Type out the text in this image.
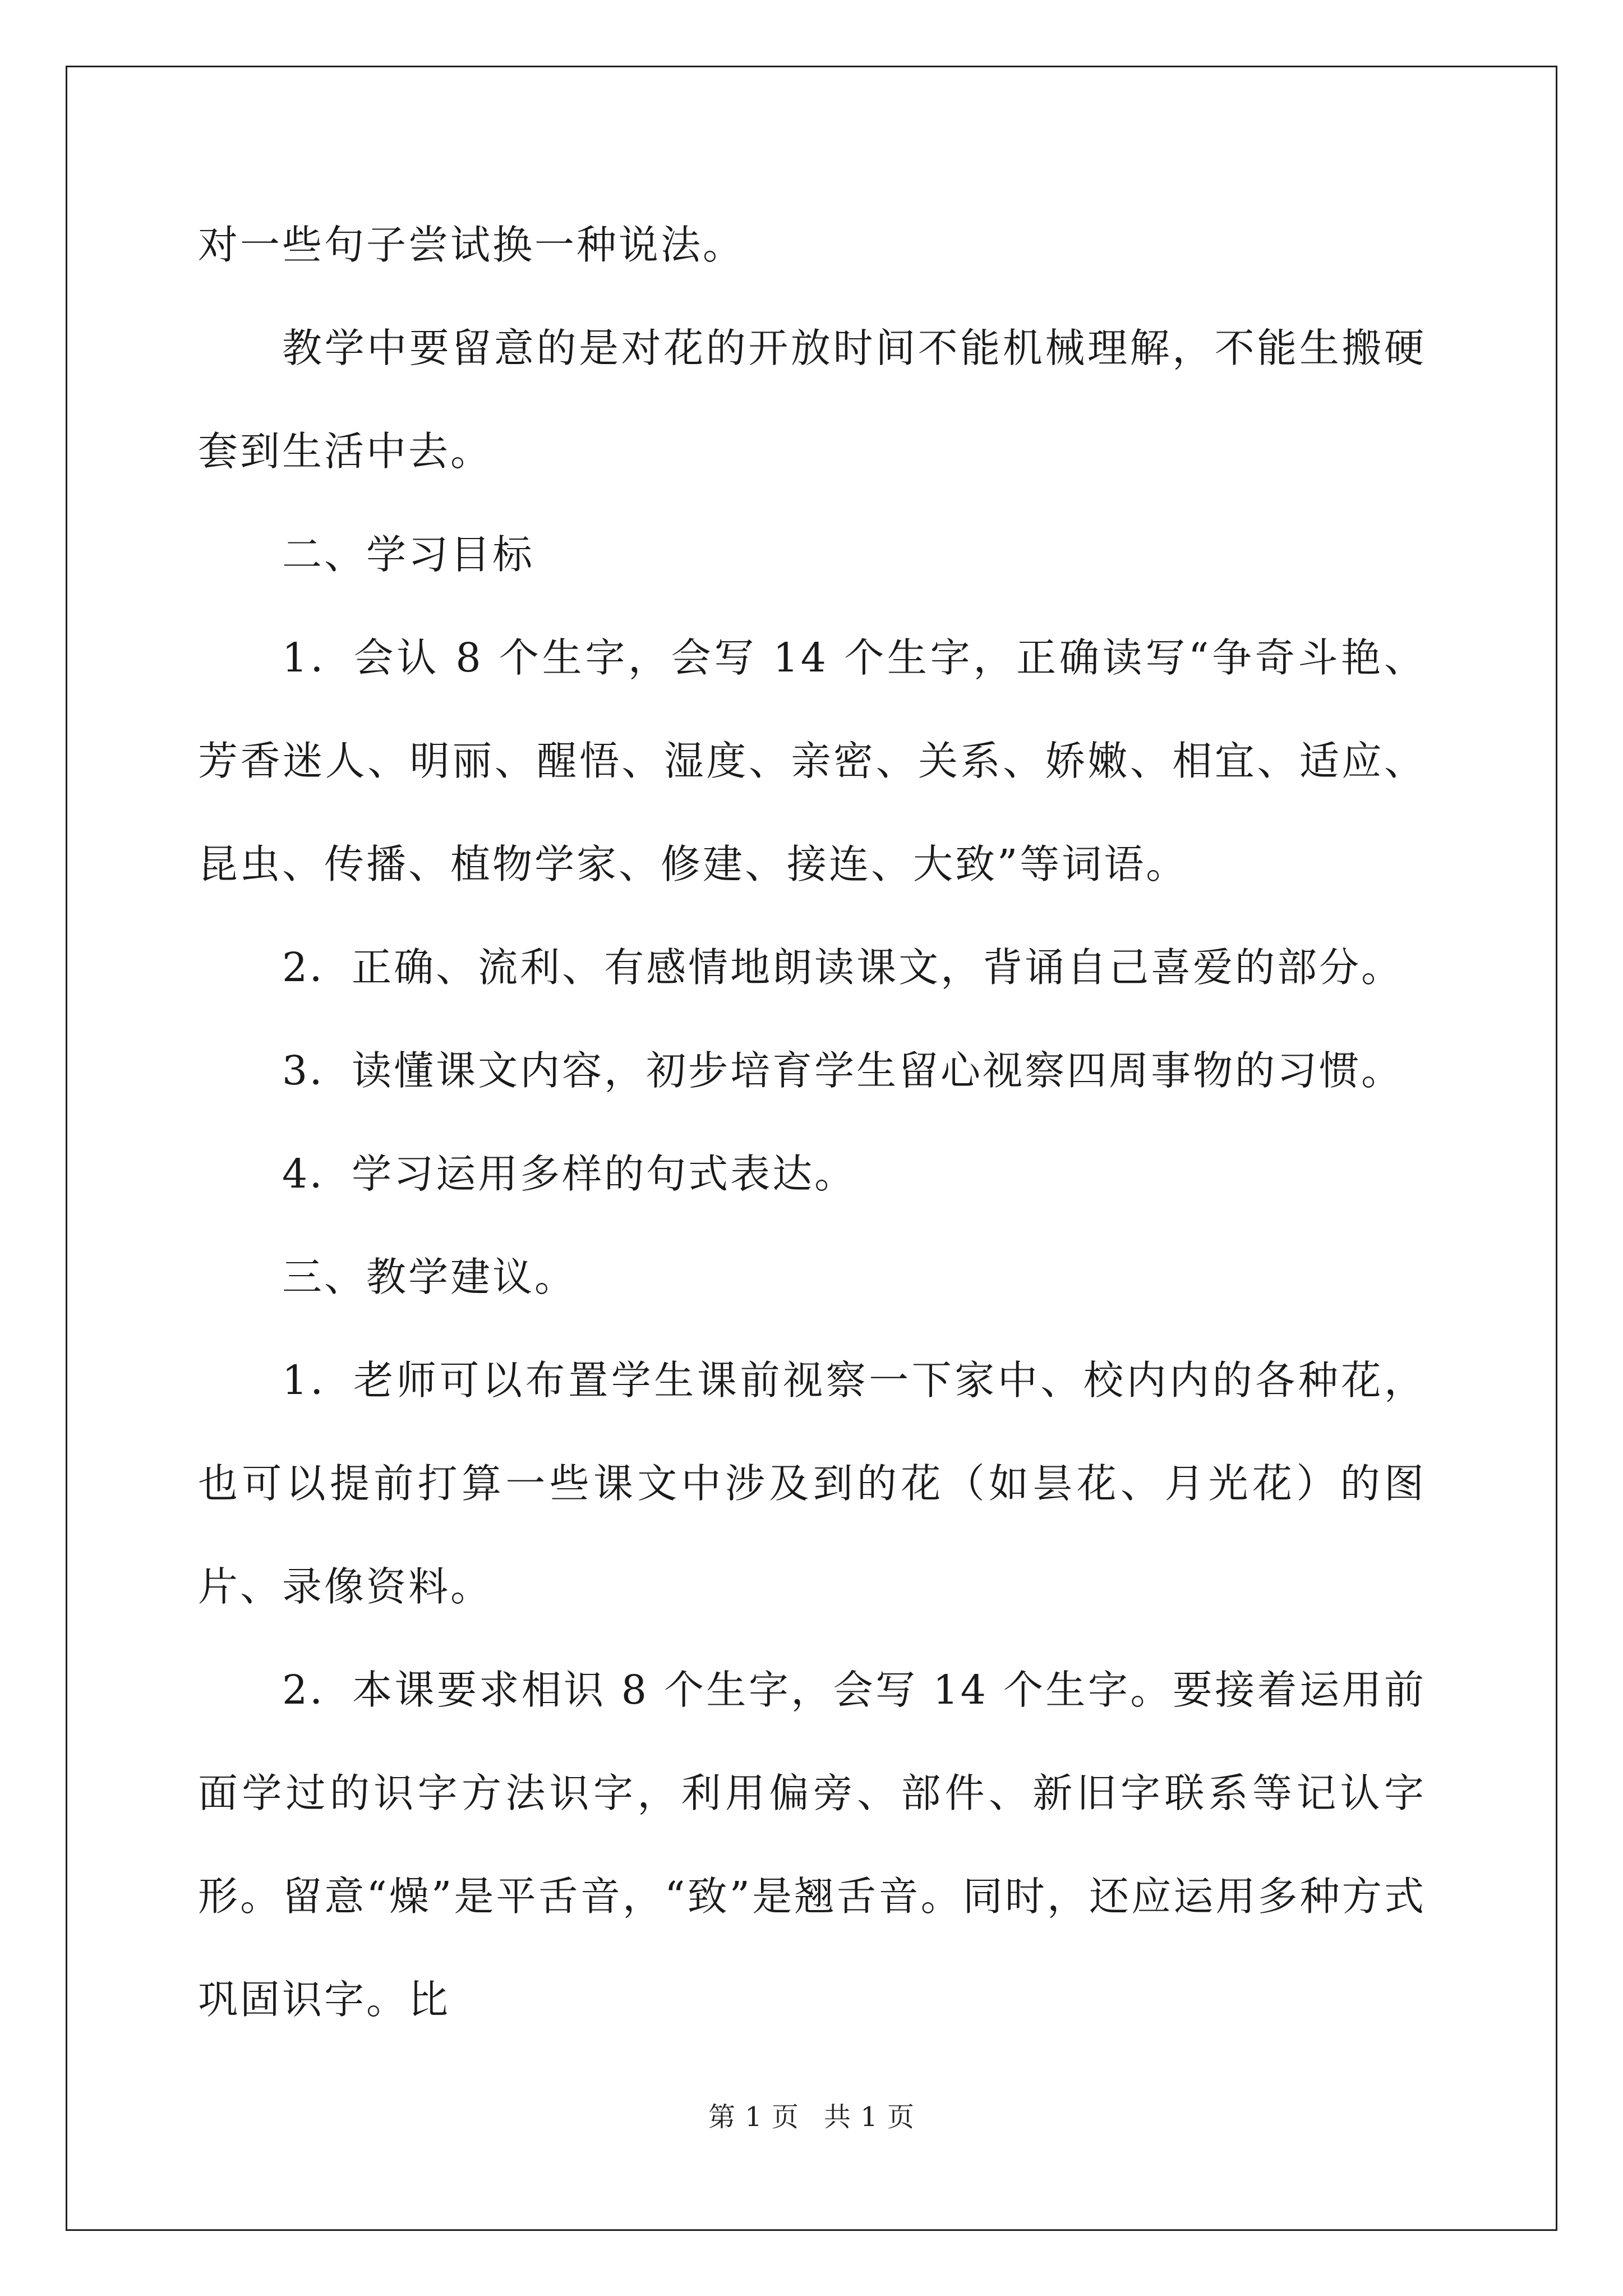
对一些句子尝试换一种说法。

教学中要留意的是对花的开放时间不能机械理解，不能生搬硬套到生活中去。

二、学习目标

1．会认 8 个生字，会写 14 个生字，正确读写“争奇斗艳、芳香迷人、明丽、醒悟、湿度、亲密、关系、娇嫩、相宜、适应、昆虫、传播、植物学家、修建、接连、大致”等词语。

2．正确、流利、有感情地朗读课文，背诵自己喜爱的部分。

3．读懂课文内容，初步培育学生留心视察四周事物的习惯。

4．学习运用多样的句式表达。

三、教学建议。

1．老师可以布置学生课前视察一下家中、校内内的各种花，也可以提前打算一些课文中涉及到的花（如昙花、月光花）的图片、录像资料。

2．本课要求相识 8 个生字，会写 14 个生字。要接着运用前面学过的识字方法识字，利用偏旁、部件、新旧字联系等记认字形。留意“燥”是平舌音，“致”是翘舌音。同时，还应运用多种方式巩固识字。比

第 1 页 共 1 页
